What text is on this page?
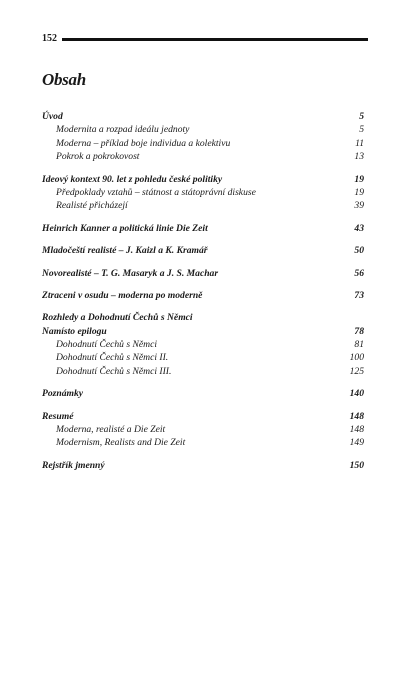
152
Obsah
Úvod	5
Modernita a rozpad ideálu jednoty	5
Moderna – příklad boje individua a kolektivu	11
Pokrok a pokrokovost	13
Ideový kontext 90. let z pohledu české politiky	19
Předpoklady vztahů – státnost a státoprávní diskuse	19
Realisté přicházejí	39
Heinrich Kanner a politická linie Die Zeit	43
Mladočeští realisté – J. Kaizl a K. Kramář	50
Novorealisté – T. G. Masaryk a J. S. Machar	56
Ztraceni v osudu – moderna po moderně	73
Rozhledy a Dohodnutí Čechů s Němci
Namísto epilogu	78
Dohodnutí Čechů s Němci	81
Dohodnutí Čechů s Němci II.	100
Dohodnutí Čechů s Němci III.	125
Poznámky	140
Resumé	148
Moderna, realisté a Die Zeit	148
Modernism, Realists and Die Zeit	149
Rejstřík jmenný	150
